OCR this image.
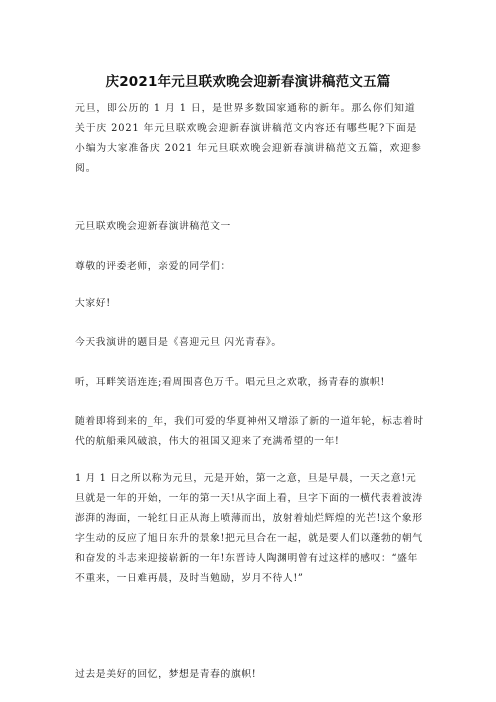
庆2021年元旦联欢晚会迎新春演讲稿范文五篇
元旦，即公历的 1 月 1 日，是世界多数国家通称的新年。那么你们知道关于庆 2021 年元旦联欢晚会迎新春演讲稿范文内容还有哪些呢?下面是小编为大家准备庆 2021 年元旦联欢晚会迎新春演讲稿范文五篇，欢迎参阅。
元旦联欢晚会迎新春演讲稿范文一
尊敬的评委老师，亲爱的同学们：
大家好!
今天我演讲的题目是《喜迎元旦 闪光青春》。
听，耳畔笑语连连;看周围喜色万千。唱元旦之欢歌，扬青春的旗帜!
随着即将到来的_年，我们可爱的华夏神州又增添了新的一道年轮，标志着时代的航船乘风破浪，伟大的祖国又迎来了充满希望的一年!
1 月 1 日之所以称为元旦，元是开始，第一之意，旦是早晨，一天之意!元旦就是一年的开始，一年的第一天!从字面上看，旦字下面的一横代表着波涛澎湃的海面，一轮红日正从海上喷薄而出，放射着灿烂辉煌的光芒!这个象形字生动的反应了旭日东升的景象!把元旦合在一起，就是要人们以蓬勃的朝气和奋发的斗志来迎接崭新的一年!东晋诗人陶渊明曾有过这样的感叹：“盛年不重来，一日难再晨，及时当勉励，岁月不待人!”
过去是美好的回忆，梦想是青春的旗帜!
